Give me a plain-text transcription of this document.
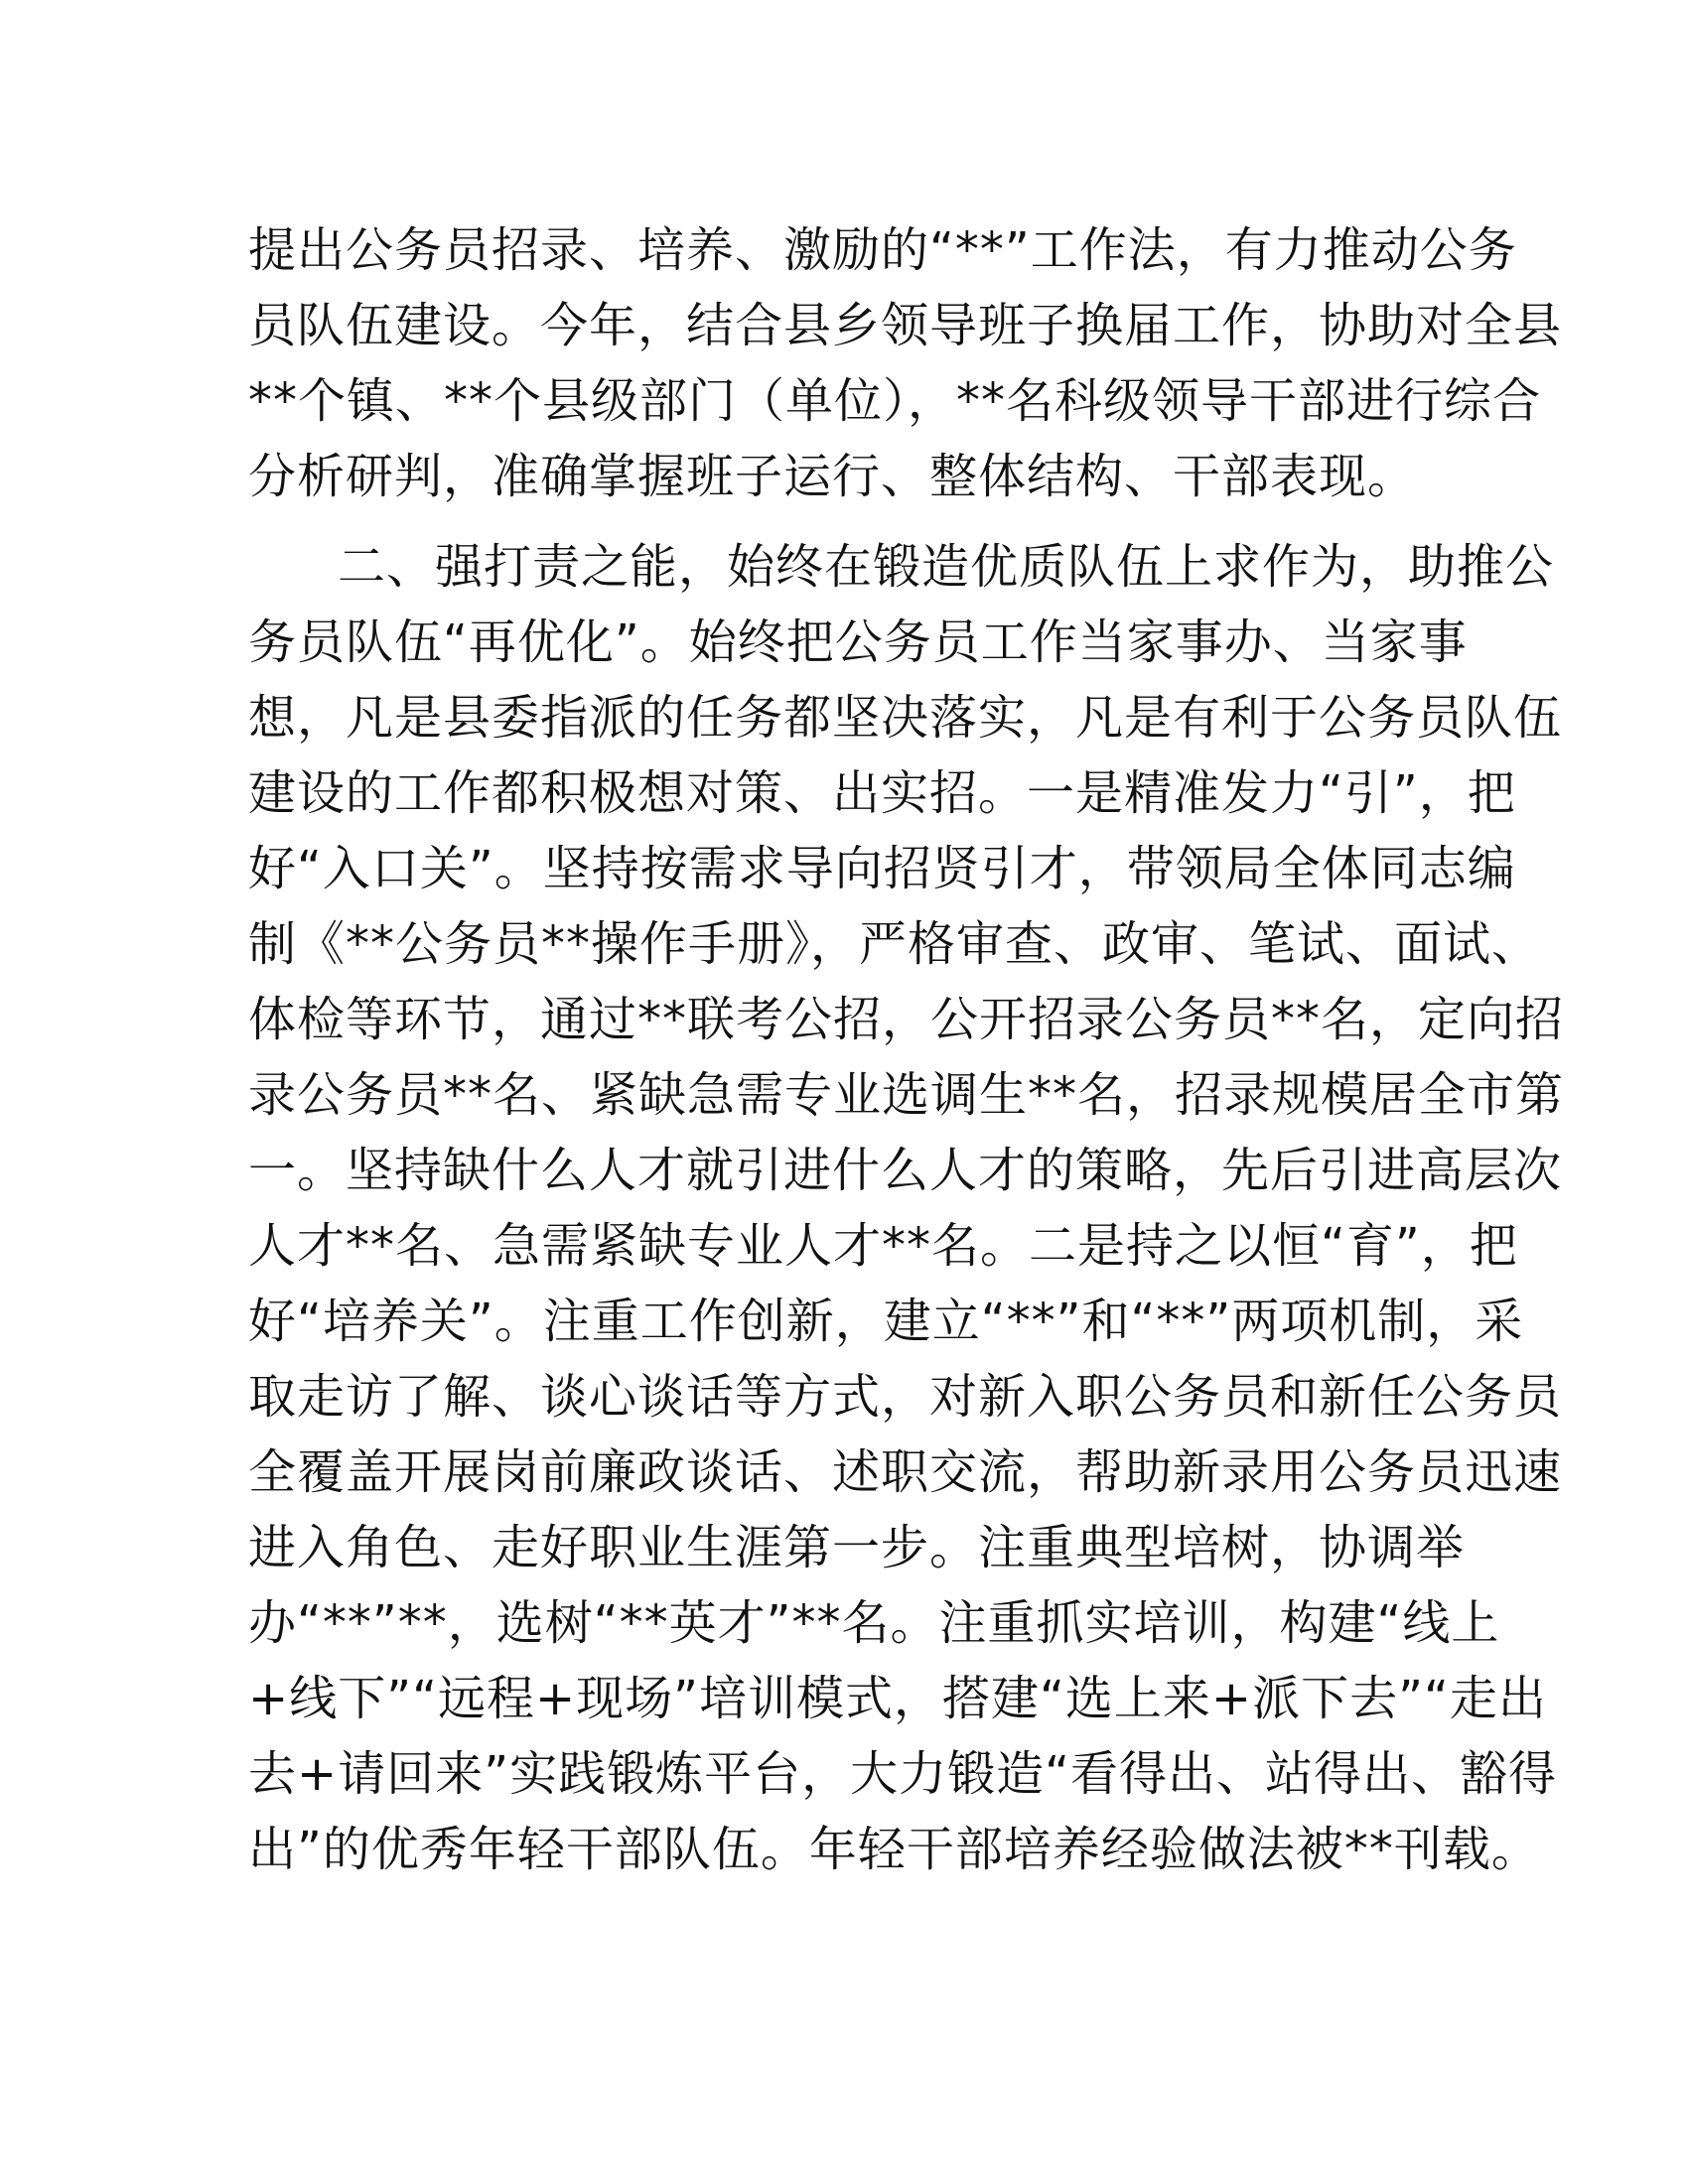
提出公务员招录、培养、激励的“**”工作法，有力推动公务

员队伍建设。今年，结合县乡领导班子换届工作，协助对全县

**个镇、**个县级部门（单位），**名科级领导干部进行综合

分析研判，准确掌握班子运行、整体结构、干部表现。

二、强打责之能，始终在锻造优质队伍上求作为，助推公

务员队伍“再优化”。始终把公务员工作当家事办、当家事

想，凡是县委指派的任务都坚决落实，凡是有利于公务员队伍

建设的工作都积极想对策、出实招。一是精准发力“引”，把

好“入口关”。坚持按需求导向招贤引才，带领局全体同志编

制《**公务员**操作手册》，严格审查、政审、笔试、面试、

体检等环节，通过**联考公招，公开招录公务员**名，定向招

录公务员**名、紧缺急需专业选调生**名，招录规模居全市第

一。坚持缺什么人才就引进什么人才的策略，先后引进高层次

人才**名、急需紧缺专业人才**名。二是持之以恒“育”，把

好“培养关”。注重工作创新，建立“**”和“**”两项机制，采

取走访了解、谈心谈话等方式，对新入职公务员和新任公务员

全覆盖开展岗前廉政谈话、述职交流，帮助新录用公务员迅速

进入角色、走好职业生涯第一步。注重典型培树，协调举

办“**”**，选树“**英才”**名。注重抓实培训，构建“线上

+线下”“远程+现场”培训模式，搭建“选上来+派下去”“走出

去+请回来”实践锻炼平台，大力锻造“看得出、站得出、豁得

出”的优秀年轻干部队伍。年轻干部培养经验做法被**刊载。
